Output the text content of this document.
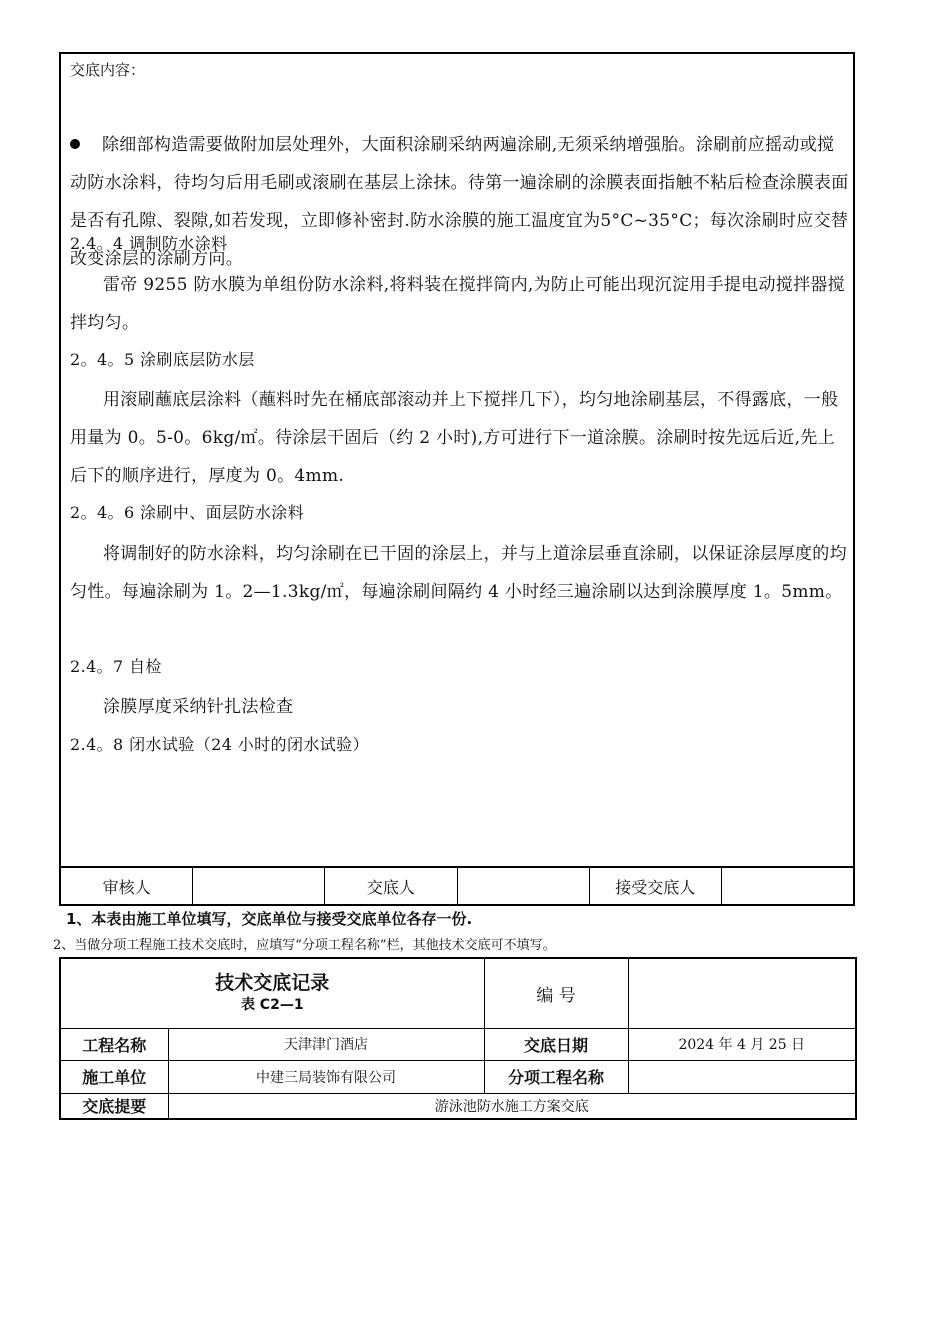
交底内容：
除细部构造需要做附加层处理外，大面积涂刷采纳两遍涂刷,无须采纳增强胎。涂刷前应摇动或搅动防水涂料，待均匀后用毛刷或滚刷在基层上涂抹。待第一遍涂刷的涂膜表面指触不粘后检查涂膜表面是否有孔隙、裂隙,如若发现，立即修补密封.防水涂膜的施工温度宜为5°C~35°C；每次涂刷时应交替改变涂层的涂刷方向。
2.4。4 调制防水涂料
雷帝 9255 防水膜为单组份防水涂料,将料装在搅拌筒内,为防止可能出现沉淀用手提电动搅拌器搅拌均匀。
2。4。5 涂刷底层防水层
用滚刷蘸底层涂料（蘸料时先在桶底部滚动并上下搅拌几下），均匀地涂刷基层，不得露底，一般用量为 0。5-0。6kg/㎡。待涂层干固后（约 2 小时),方可进行下一道涂膜。涂刷时按先远后近,先上后下的顺序进行，厚度为 0。4mm.
2。4。6 涂刷中、面层防水涂料
将调制好的防水涂料，均匀涂刷在已干固的涂层上，并与上道涂层垂直涂刷，以保证涂层厚度的均匀性。每遍涂刷为 1。2—1.3kg/㎡，每遍涂刷间隔约 4 小时经三遍涂刷以达到涂膜厚度 1。5mm。
2.4。7 自检
涂膜厚度采纳针扎法检查
2.4。8 闭水试验（24 小时的闭水试验）
审核人	交底人	接受交底人
1、本表由施工单位填写，交底单位与接受交底单位各存一份.
2、当做分项工程施工技术交底时，应填写“分项工程名称”栏，其他技术交底可不填写。
技术交底记录
表 C2—1		编 号	
工程名称	天津津门酒店	交底日期	2024 年 4 月 25 日
施工单位	中建三局装饰有限公司	分项工程名称	
交底提要	游泳池防水施工方案交底		
